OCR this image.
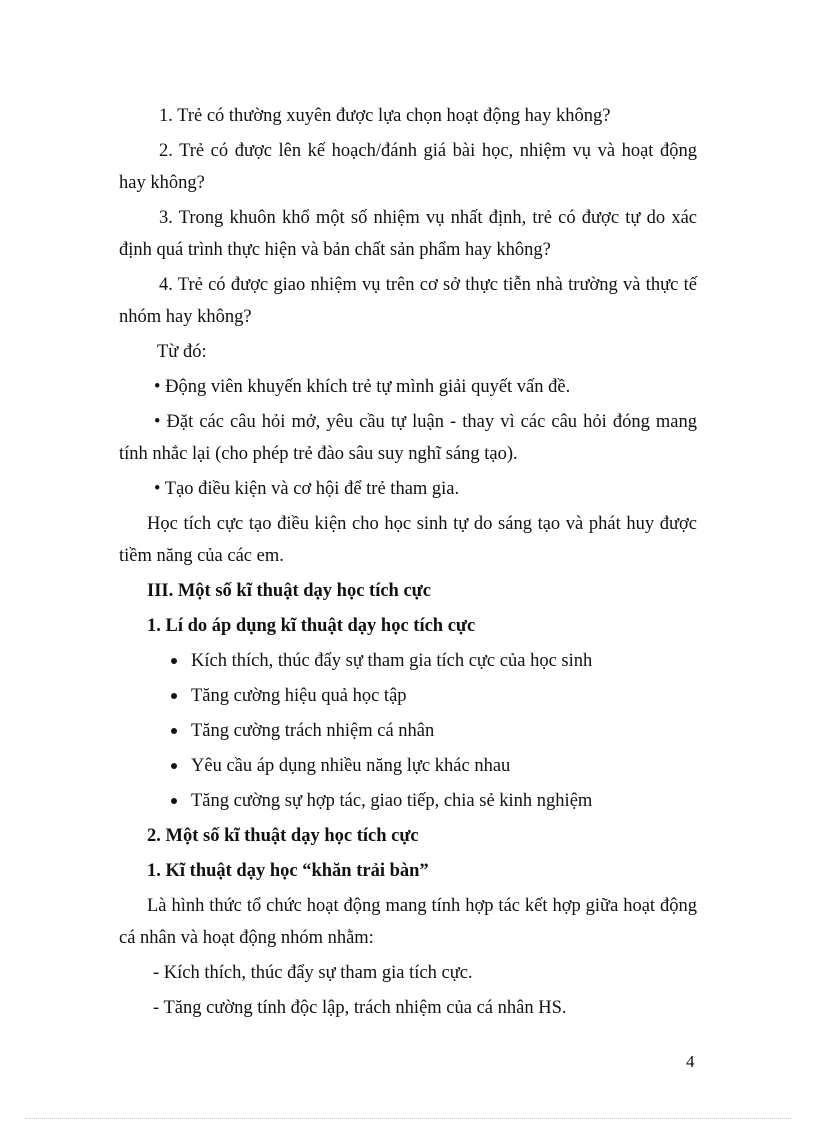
1. Trẻ có thường xuyên được lựa chọn hoạt động hay không?

2. Trẻ có được lên kế hoạch/đánh giá bài học, nhiệm vụ và hoạt động hay không?

3. Trong khuôn khổ một số nhiệm vụ nhất định, trẻ có được tự do xác định quá trình thực hiện và bản chất sản phẩm hay không?

4. Trẻ có được giao nhiệm vụ trên cơ sở thực tiễn nhà trường và thực tế nhóm hay không?

Từ đó:

• Động viên khuyến khích trẻ tự mình giải quyết vấn đề.

• Đặt các câu hỏi mở, yêu cầu tự luận - thay vì các câu hỏi đóng mang tính nhắc lại (cho phép trẻ đào sâu suy nghĩ sáng tạo).

• Tạo điều kiện và cơ hội để trẻ tham gia.

Học tích cực tạo điều kiện cho học sinh tự do sáng tạo và phát huy được tiềm năng của các em.

III. Một số kĩ thuật dạy học tích cực

1. Lí do áp dụng kĩ thuật dạy học tích cực

Kích thích, thúc đẩy sự tham gia tích cực của học sinh
Tăng cường hiệu quả học tập
Tăng cường trách nhiệm cá nhân
Yêu cầu áp dụng nhiều năng lực khác nhau
Tăng cường sự hợp tác, giao tiếp, chia sẻ kinh nghiệm

2. Một số kĩ thuật dạy học tích cực

1. Kĩ thuật dạy học “khăn trải bàn”

Là hình thức tổ chức hoạt động mang tính hợp tác kết hợp giữa hoạt động cá nhân và hoạt động nhóm nhằm:

- Kích thích, thúc đẩy sự tham gia tích cực.

- Tăng cường tính độc lập, trách nhiệm của cá nhân HS.

4
